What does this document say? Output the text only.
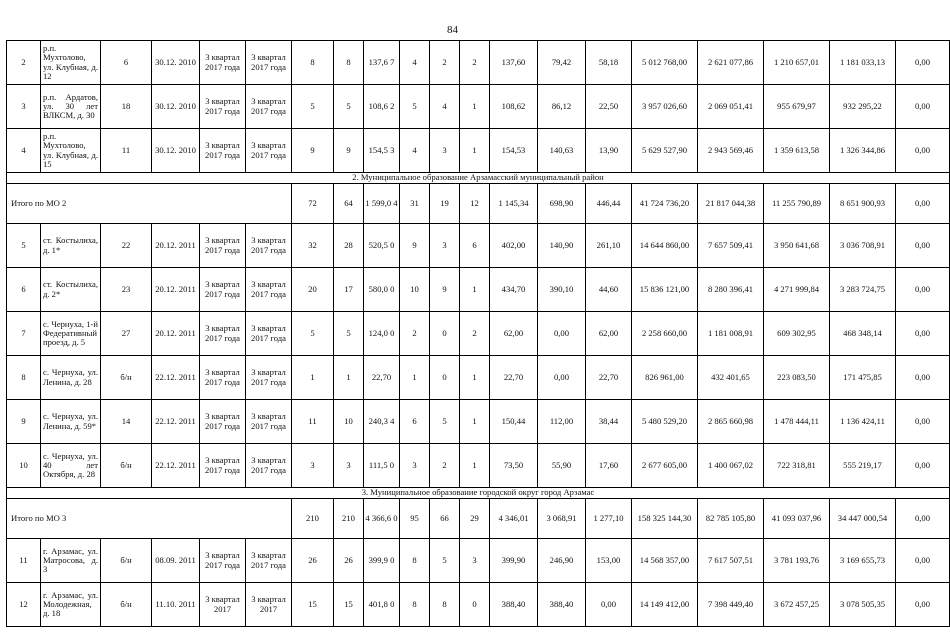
84
2	р.п. Мухтолово, ул. Клубная, д. 12	6	30.12. 2010	3 квартал 2017 года	3 квартал 2017 года	8	8	137,6 7	4	2	2	137,60	79,42	58,18	5 012 768,00	2 621 077,86	1 210 657,01	1 181 033,13	0,00
3	р.п. Ардатов, ул. 30 лет ВЛКСМ, д. 30	18	30.12. 2010	3 квартал 2017 года	3 квартал 2017 года	5	5	108,6 2	5	4	1	108,62	86,12	22,50	3 957 026,60	2 069 051,41	955 679,97	932 295,22	0,00
4	р.п. Мухтолово, ул. Клубная, д. 15	11	30.12. 2010	3 квартал 2017 года	3 квартал 2017 года	9	9	154,5 3	4	3	1	154,53	140,63	13,90	5 629 527,90	2 943 569,46	1 359 613,58	1 326 344,86	0,00
2. Муниципальное образование Арзамасский муниципальный район																			
Итого по МО 2						72	64	1 599,0 4	31	19	12	1 145,34	698,90	446,44	41 724 736,20	21 817 044,38	11 255 790,89	8 651 900,93	0,00
5	ст. Костылиха, д. 1*	22	20.12. 2011	3 квартал 2017 года	3 квартал 2017 года	32	28	520,5 0	9	3	6	402,00	140,90	261,10	14 644 860,00	7 657 509,41	3 950 641,68	3 036 708,91	0,00
6	ст. Костылиха, д. 2*	23	20.12. 2011	3 квартал 2017 года	3 квартал 2017 года	20	17	580,0 0	10	9	1	434,70	390,10	44,60	15 836 121,00	8 280 396,41	4 271 999,84	3 283 724,75	0,00
7	с. Чернуха, 1-й Федеративный проезд, д. 5	27	20.12. 2011	3 квартал 2017 года	3 квартал 2017 года	5	5	124,0 0	2	0	2	62,00	0,00	62,00	2 258 660,00	1 181 008,91	609 302,95	468 348,14	0,00
8	с. Чернуха, ул. Ленина, д. 28	б/н	22.12. 2011	3 квартал 2017 года	3 квартал 2017 года	1	1	22,70	1	0	1	22,70	0,00	22,70	826 961,00	432 401,65	223 083,50	171 475,85	0,00
9	с. Чернуха, ул. Ленина, д. 59*	14	22.12. 2011	3 квартал 2017 года	3 квартал 2017 года	11	10	240,3 4	6	5	1	150,44	112,00	38,44	5 480 529,20	2 865 660,98	1 478 444,11	1 136 424,11	0,00
10	с. Чернуха, ул. 40 лет Октября, д. 28	б/н	22.12. 2011	3 квартал 2017 года	3 квартал 2017 года	3	3	111,5 0	3	2	1	73,50	55,90	17,60	2 677 605,00	1 400 067,02	722 318,81	555 219,17	0,00
3. Муниципальное образование городской округ город Арзамас																			
Итого по МО 3						210	210	4 366,6 0	95	66	29	4 346,01	3 068,91	1 277,10	158 325 144,30	82 785 105,80	41 093 037,96	34 447 000,54	0,00
11	г. Арзамас, ул. Матросова, д. 3	б/н	08.09. 2011	3 квартал 2017 года	3 квартал 2017 года	26	26	399,9 0	8	5	3	399,90	246,90	153,00	14 568 357,00	7 617 507,51	3 781 193,76	3 169 655,73	0,00
12	г. Арзамас, ул. Молодежная, д. 18	б/н	11.10. 2011	3 квартал 2017	3 квартал 2017	15	15	401,8 0	8	8	0	388,40	388,40	0,00	14 149 412,00	7 398 449,40	3 672 457,25	3 078 505,35	0,00
